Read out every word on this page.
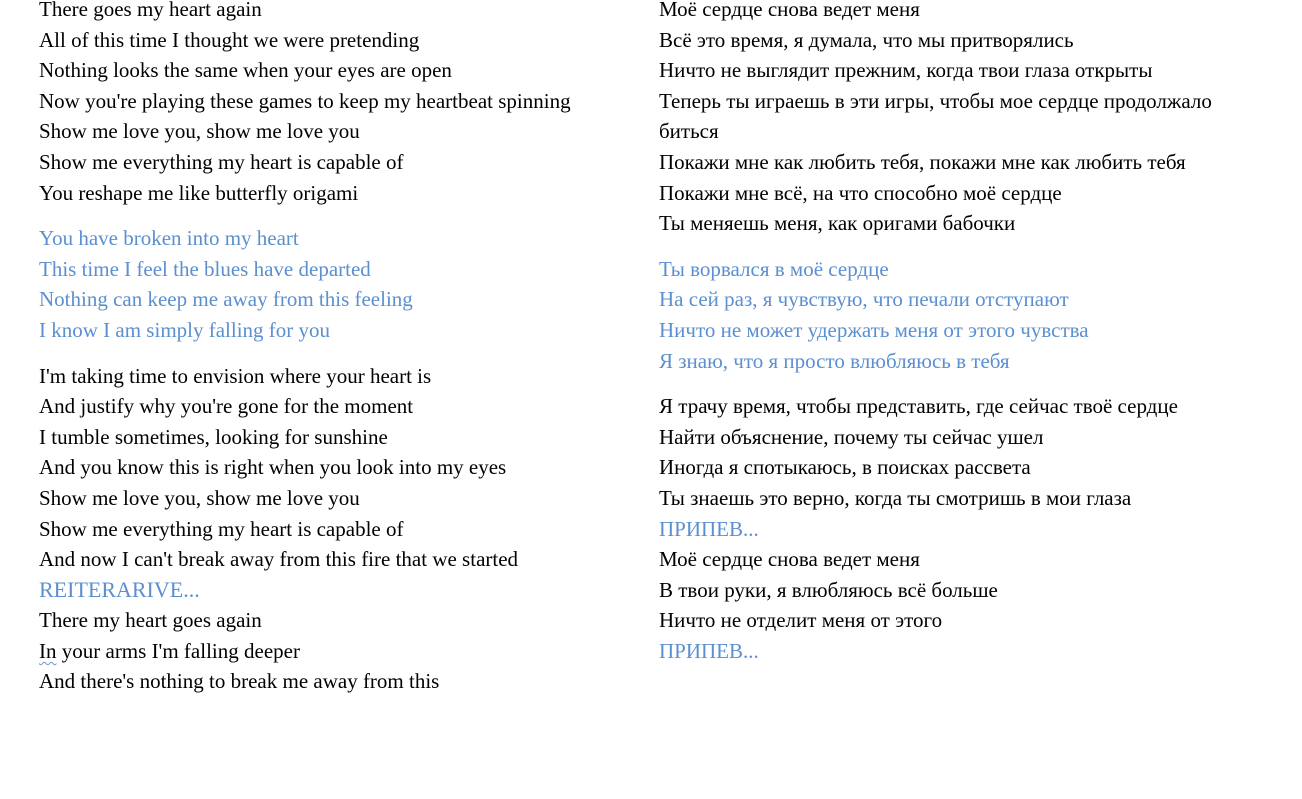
There goes my heart again
All of this time I thought we were pretending
Nothing looks the same when your eyes are open
Now you're playing these games to keep my heartbeat spinning
Show me love you, show me love you
Show me everything my heart is capable of
You reshape me like butterfly origami
You have broken into my heart
This time I feel the blues have departed
Nothing can keep me away from this feeling
I know I am simply falling for you
I'm taking time to envision where your heart is
And justify why you're gone for the moment
I tumble sometimes, looking for sunshine
And you know this is right when you look into my eyes
Show me love you, show me love you
Show me everything my heart is capable of
And now I can't break away from this fire that we started
REITERARIVE...
There my heart goes again
In your arms I'm falling deeper
And there's nothing to break me away from this
Моё сердце снова ведет меня
Всё это время, я думала, что мы притворялись
Ничто не выглядит прежним, когда твои глаза открыты
Теперь ты играешь в эти игры, чтобы мое сердце продолжало биться
Покажи мне как любить тебя, покажи мне как любить тебя
Покажи мне всё, на что способно моё сердце
Ты меняешь меня, как оригами бабочки
Ты ворвался в моё сердце
На сей раз, я чувствую, что печали отступают
Ничто не может удержать меня от этого чувства
Я знаю, что я просто влюбляюсь в тебя
Я трачу время, чтобы представить, где сейчас твоё сердце
Найти объяснение, почему ты сейчас ушел
Иногда я спотыкаюсь, в поисках рассвета
Ты знаешь это верно, когда ты смотришь в мои глаза
ПРИПЕВ...
Моё сердце снова ведет меня
В твои руки, я влюбляюсь всё больше
Ничто не отделит меня от этого
ПРИПЕВ...
